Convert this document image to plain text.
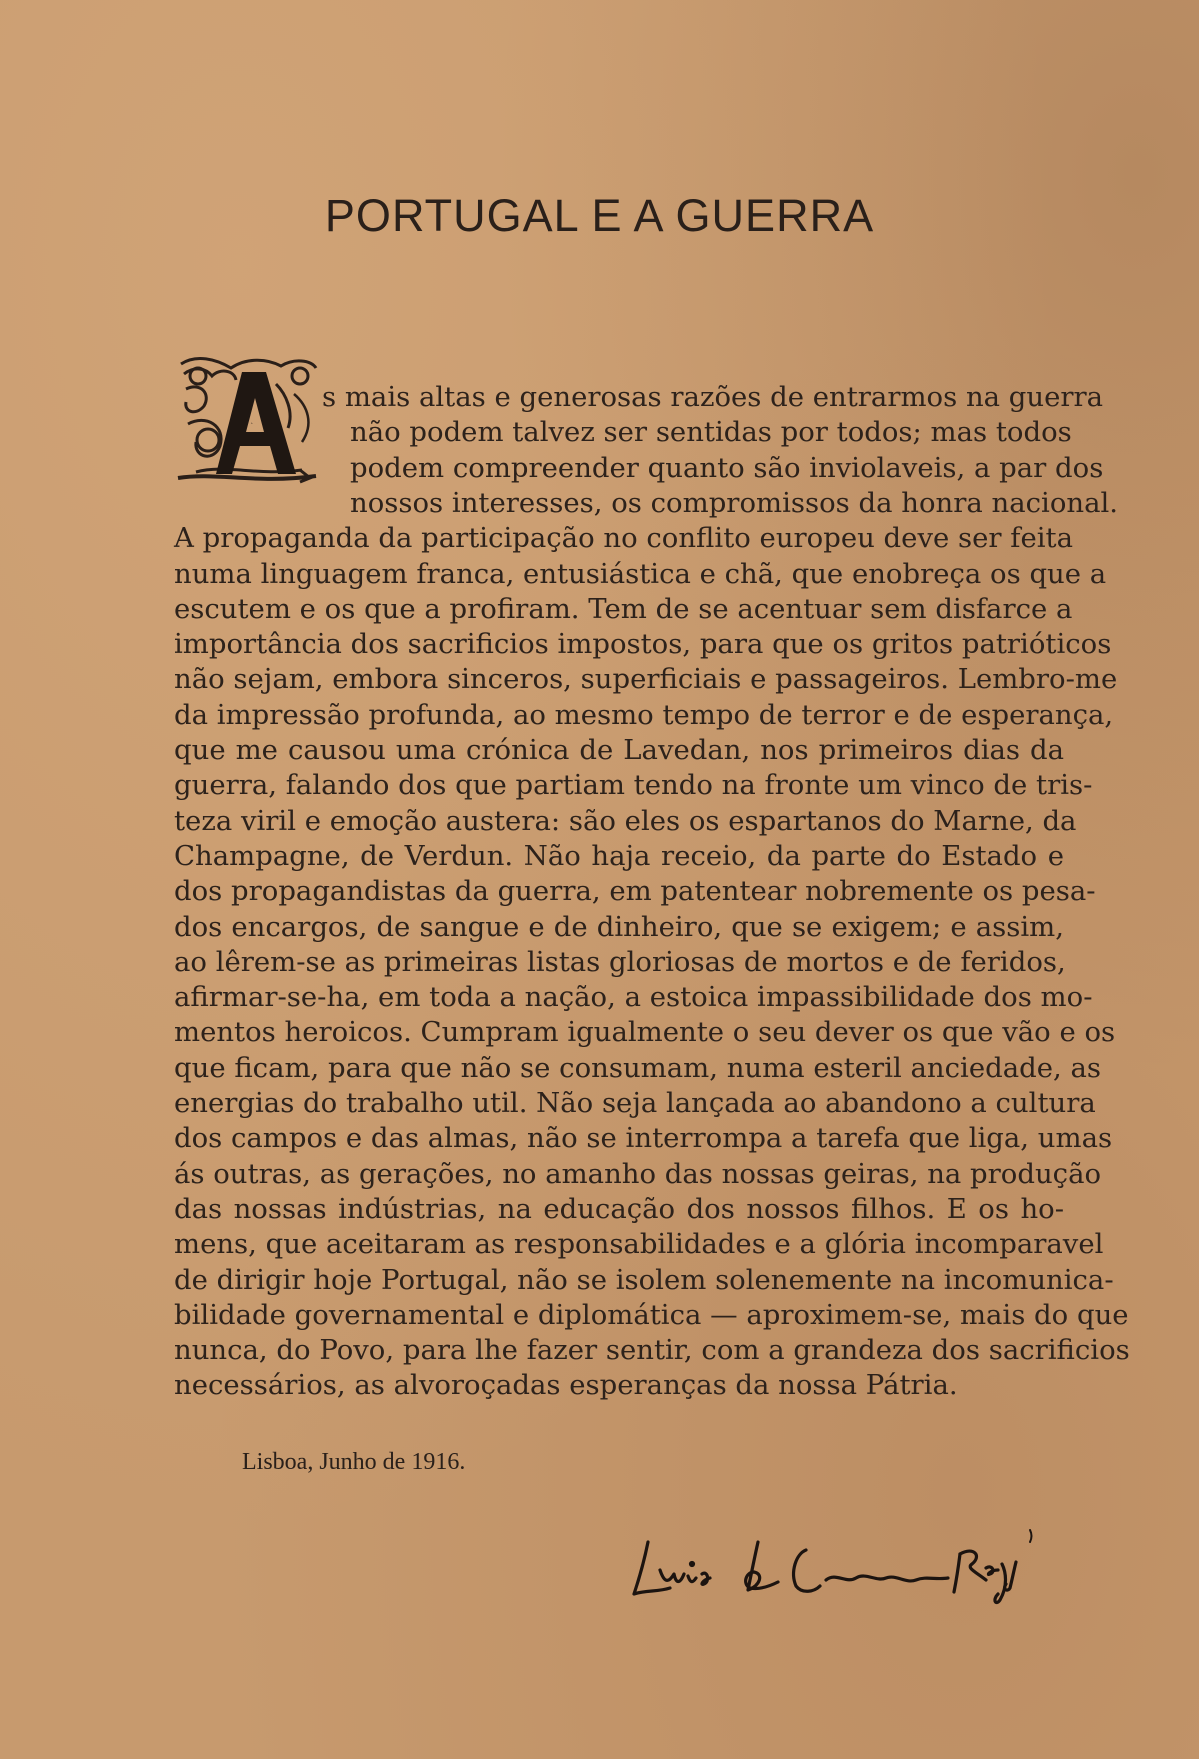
PORTUGAL E A GUERRA
A
s mais altas e generosas razões de entrarmos na guerra
não podem talvez ser sentidas por todos; mas todos
podem compreender quanto são inviolaveis, a par dos
nossos interesses, os compromissos da honra nacional.
A propaganda da participação no conflito europeu deve ser feita
numa linguagem franca, entusiástica e chã, que enobreça os que a
escutem e os que a profiram. Tem de se acentuar sem disfarce a
importância dos sacrificios impostos, para que os gritos patrióticos
não sejam, embora sinceros, superficiais e passageiros. Lembro-me
da impressão profunda, ao mesmo tempo de terror e de esperança,
que me causou uma crónica de Lavedan, nos primeiros dias da
guerra, falando dos que partiam tendo na fronte um vinco de tris-
teza viril e emoção austera: são eles os espartanos do Marne, da
Champagne, de Verdun. Não haja receio, da parte do Estado e
dos propagandistas da guerra, em patentear nobremente os pesa-
dos encargos, de sangue e de dinheiro, que se exigem; e assim,
ao lêrem-se as primeiras listas gloriosas de mortos e de feridos,
afirmar-se-ha, em toda a nação, a estoica impassibilidade dos mo-
mentos heroicos. Cumpram igualmente o seu dever os que vão e os
que ficam, para que não se consumam, numa esteril anciedade, as
energias do trabalho util. Não seja lançada ao abandono a cultura
dos campos e das almas, não se interrompa a tarefa que liga, umas
ás outras, as gerações, no amanho das nossas geiras, na produção
das nossas indústrias, na educação dos nossos filhos. E os ho-
mens, que aceitaram as responsabilidades e a glória incomparavel
de dirigir hoje Portugal, não se isolem solenemente na incomunica-
bilidade governamental e diplomática — aproximem-se, mais do que
nunca, do Povo, para lhe fazer sentir, com a grandeza dos sacrificios
necessários, as alvoroçadas esperanças da nossa Pátria.
Lisboa, Junho de 1916.
